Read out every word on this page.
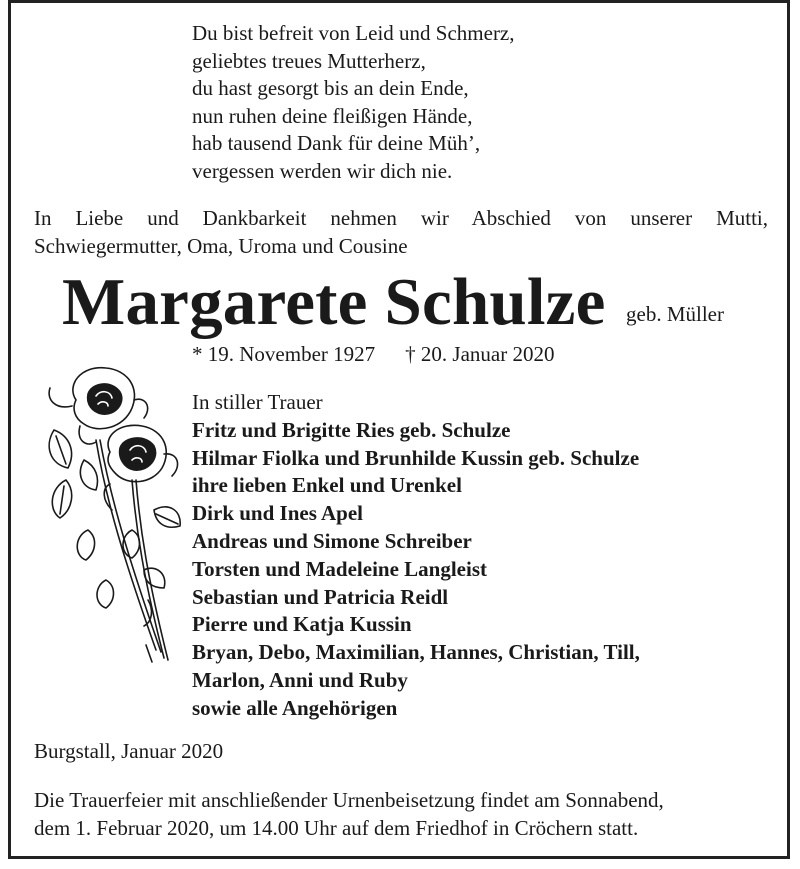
Du bist befreit von Leid und Schmerz,
geliebtes treues Mutterherz,
du hast gesorgt bis an dein Ende,
nun ruhen deine fleißigen Hände,
hab tausend Dank für deine Müh’,
vergessen werden wir dich nie.
In Liebe und Dankbarkeit nehmen wir Abschied von unserer Mutti,
Schwiegermutter, Oma, Uroma und Cousine
Margarete Schulze geb. Müller
* 19. November 1927 † 20. Januar 2020
In stiller Trauer
Fritz und Brigitte Ries geb. Schulze
Hilmar Fiolka und Brunhilde Kussin geb. Schulze
ihre lieben Enkel und Urenkel
Dirk und Ines Apel
Andreas und Simone Schreiber
Torsten und Madeleine Langleist
Sebastian und Patricia Reidl
Pierre und Katja Kussin
Bryan, Debo, Maximilian, Hannes, Christian, Till,
Marlon, Anni und Ruby
sowie alle Angehörigen
Burgstall, Januar 2020
Die Trauerfeier mit anschließender Urnenbeisetzung findet am Sonnabend,
dem 1. Februar 2020, um 14.00 Uhr auf dem Friedhof in Cröchern statt.
